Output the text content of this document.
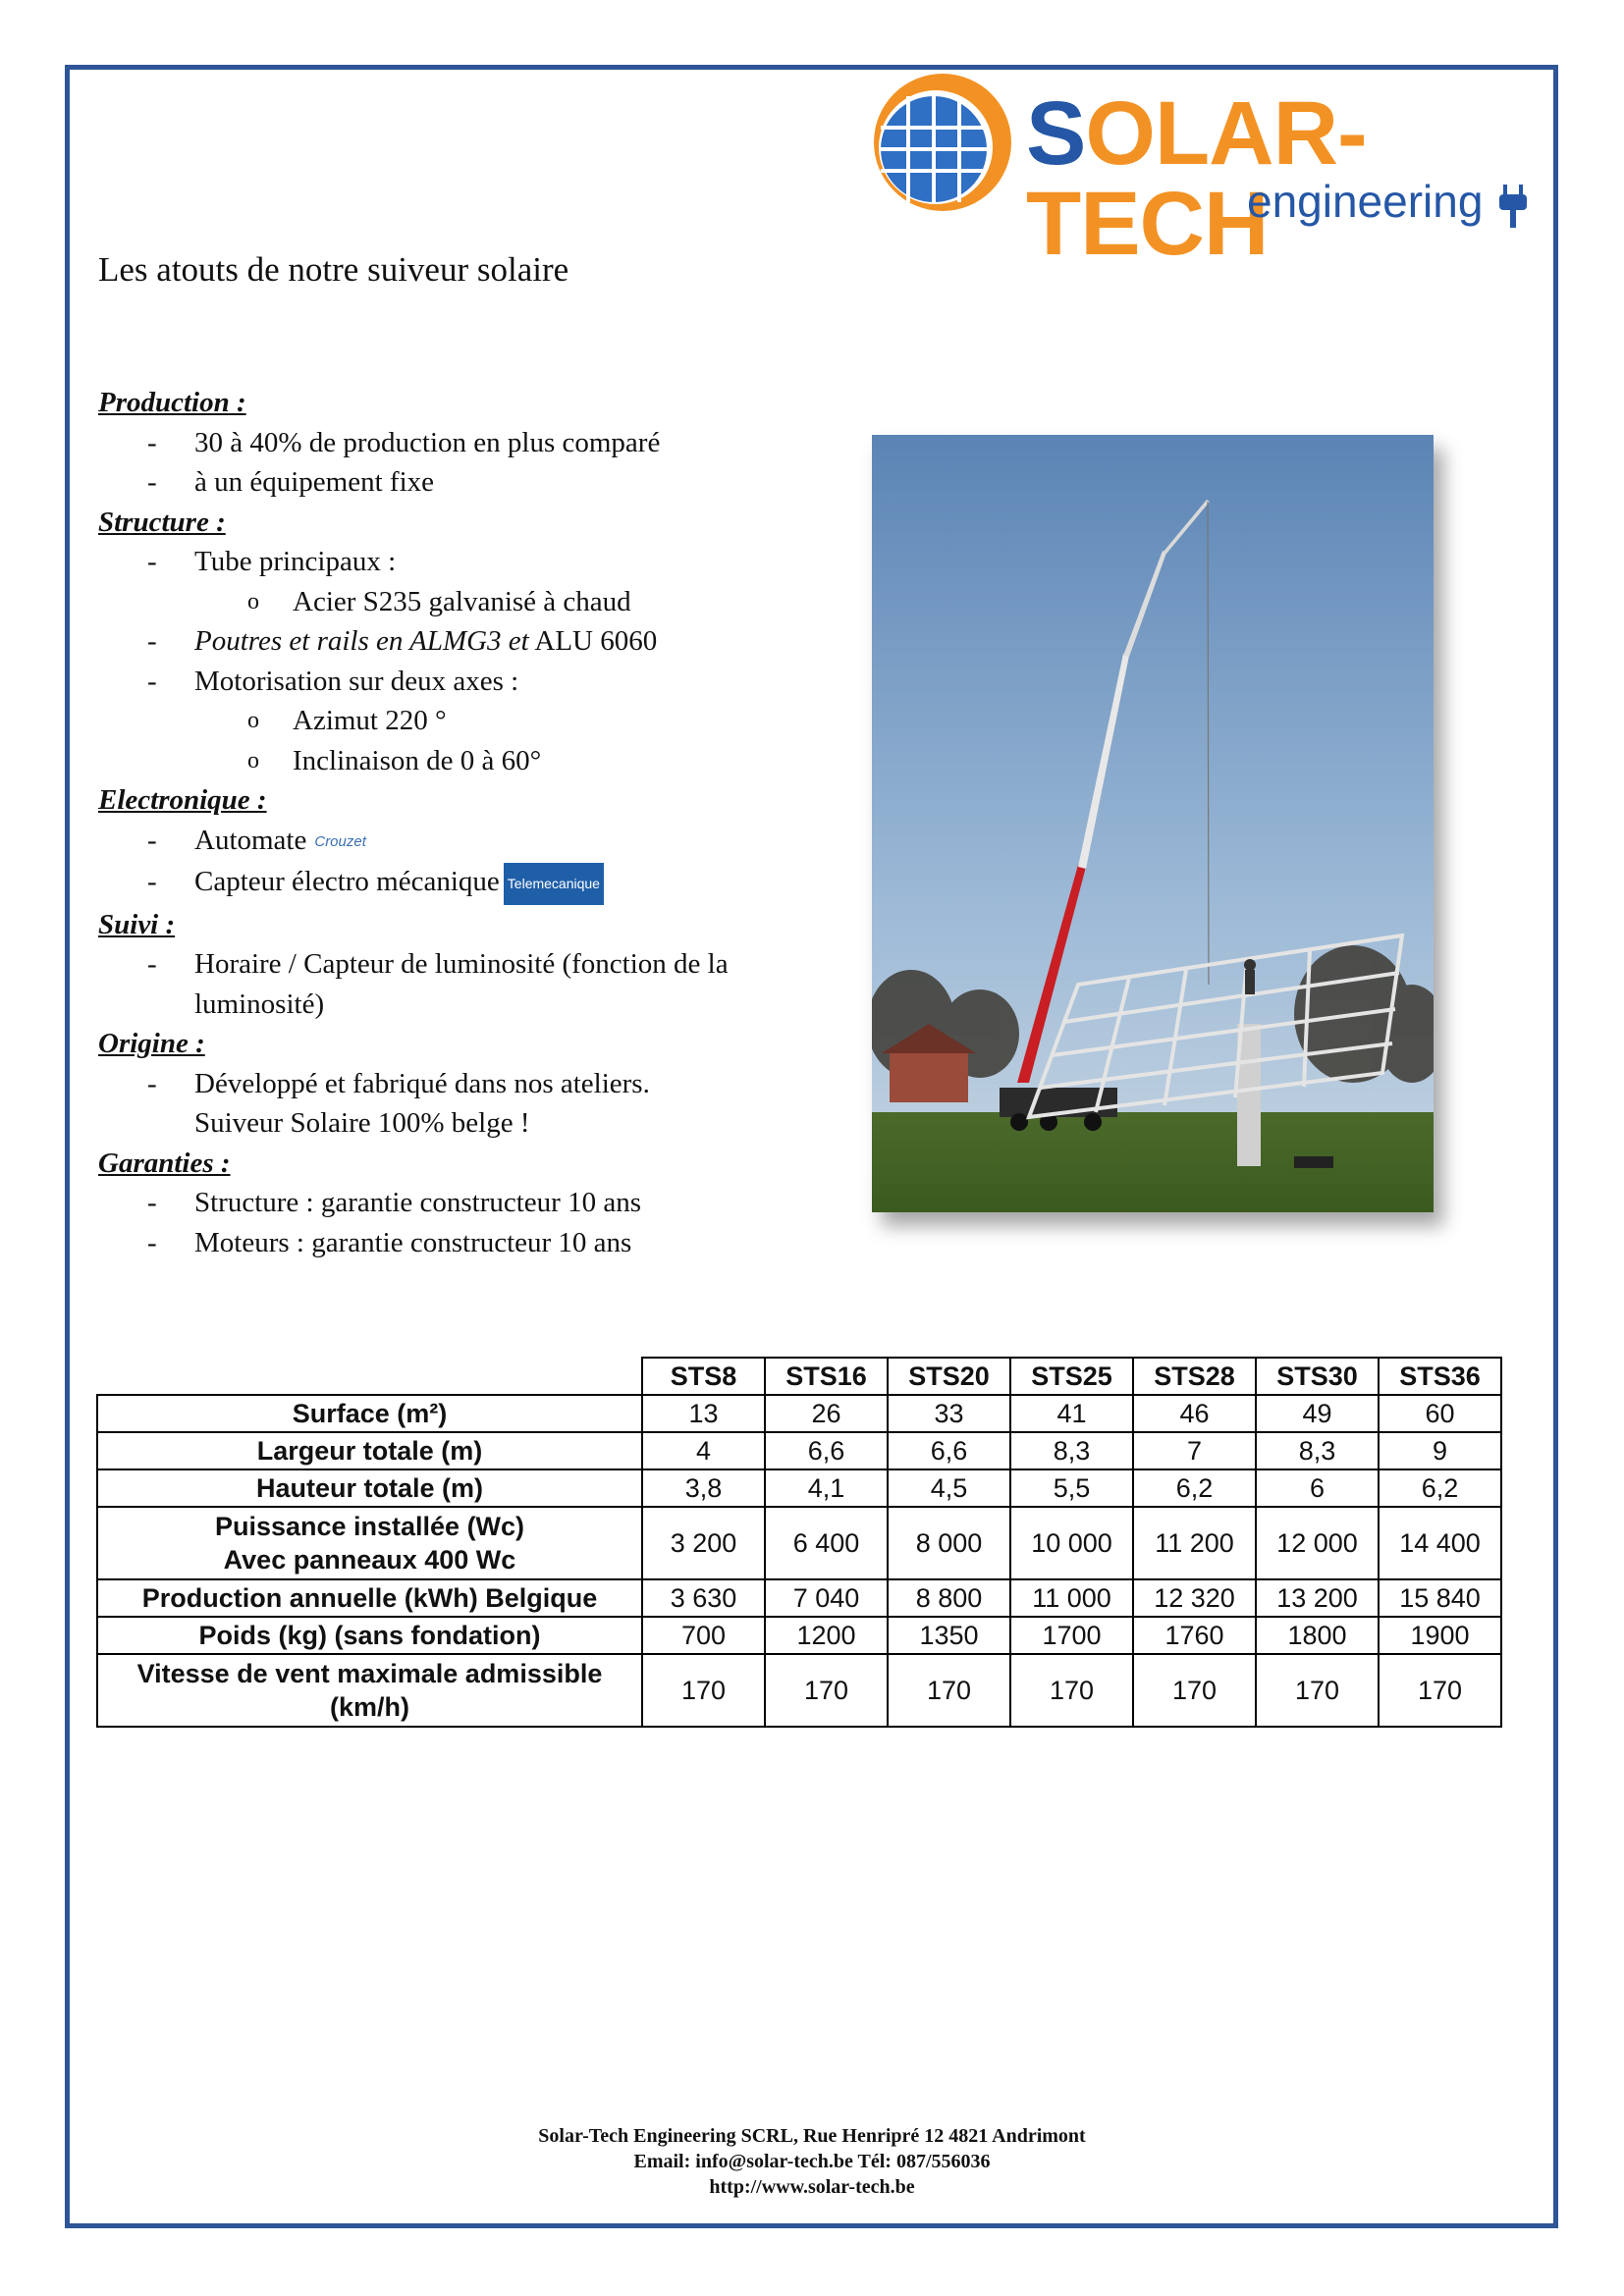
SOLAR-TECH
engineering
Les atouts de notre suiveur solaire
Production :
- 30 à 40% de production en plus comparé
- à un équipement fixe
Structure :
- Tube principaux :
o Acier S235 galvanisé à chaud
- Poutres et rails en ALMG3 et ALU 6060
- Motorisation sur deux axes :
o Azimut 220 °
o Inclinaison de 0 à 60°
Electronique :
- Automate Crouzet
- Capteur électro mécanique Telemecanique
Suivi :
- Horaire / Capteur de luminosité (fonction de la
luminosité)
Origine :
- Développé et fabriqué dans nos ateliers.
Suiveur Solaire 100% belge !
Garanties :
- Structure : garantie constructeur 10 ans
- Moteurs : garantie constructeur 10 ans
	STS8	STS16	STS20	STS25	STS28	STS30	STS36
Surface (m²)	13	26	33	41	46	49	60
Largeur totale (m)	4	6,6	6,6	8,3	7	8,3	9
Hauteur totale (m)	3,8	4,1	4,5	5,5	6,2	6	6,2
Puissance installée (Wc)
Avec panneaux 400 Wc	3 200	6 400	8 000	10 000	11 200	12 000	14 400
Production annuelle (kWh) Belgique	3 630	7 040	8 800	11 000	12 320	13 200	15 840
Poids (kg) (sans fondation)	700	1200	1350	1700	1760	1800	1900
Vitesse de vent maximale admissible
(km/h)	170	170	170	170	170	170	170
Solar-Tech Engineering SCRL, Rue Henripré 12 4821 Andrimont
Email: info@solar-tech.be Tél: 087/556036
http://www.solar-tech.be
